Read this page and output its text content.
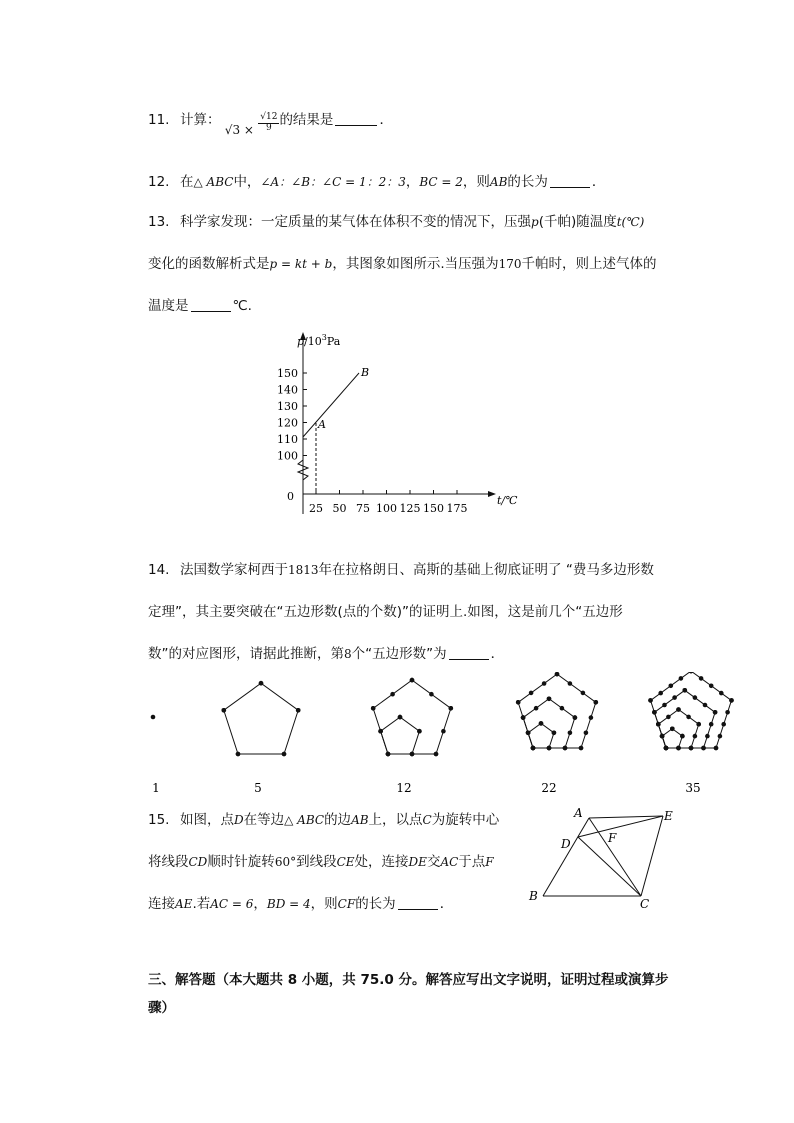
11. 计算： $√3 \times \frac{√12}{9}$ 的结果是	．
12. 在△ ABC中，∠A：∠B：∠C = 1：2：3，BC = 2，则AB的长为	．
13. 科学家发现：一定质量的某气体在体积不变的情况下，压强p(千帕)随温度t(℃)
变化的函数解析式是p = kt + b，其图象如图所示.当压强为170千帕时，则上述气体的
温度是	℃.
150
140
130
120
110
100
25 50 75 100 125 150 175
A
B
$p/10^3Pa$
0	t/℃
14. 法国数学家柯西于1813年在拉格朗日、高斯的基础上彻底证明了 “费马多边形数
定理”，其主要突破在“五边形数(点的个数)”的证明上.如图，这是前几个“五边形
数”的对应图形，请据此推断，第8个“五边形数”为	．
1	5	12	22	35
15. 如图，点D在等边△ ABC的边AB上，以点C为旋转中心
将线段CD顺时针旋转60°到线段CE处，连接DE交AC于点F
连接AE.若AC = 6，BD = 4，则CF的长为	．
A
B
C
D
E
F
三、解答题（本大题共 8 小题，共 75.0 分。解答应写出文字说明，证明过程或演算步骤）
